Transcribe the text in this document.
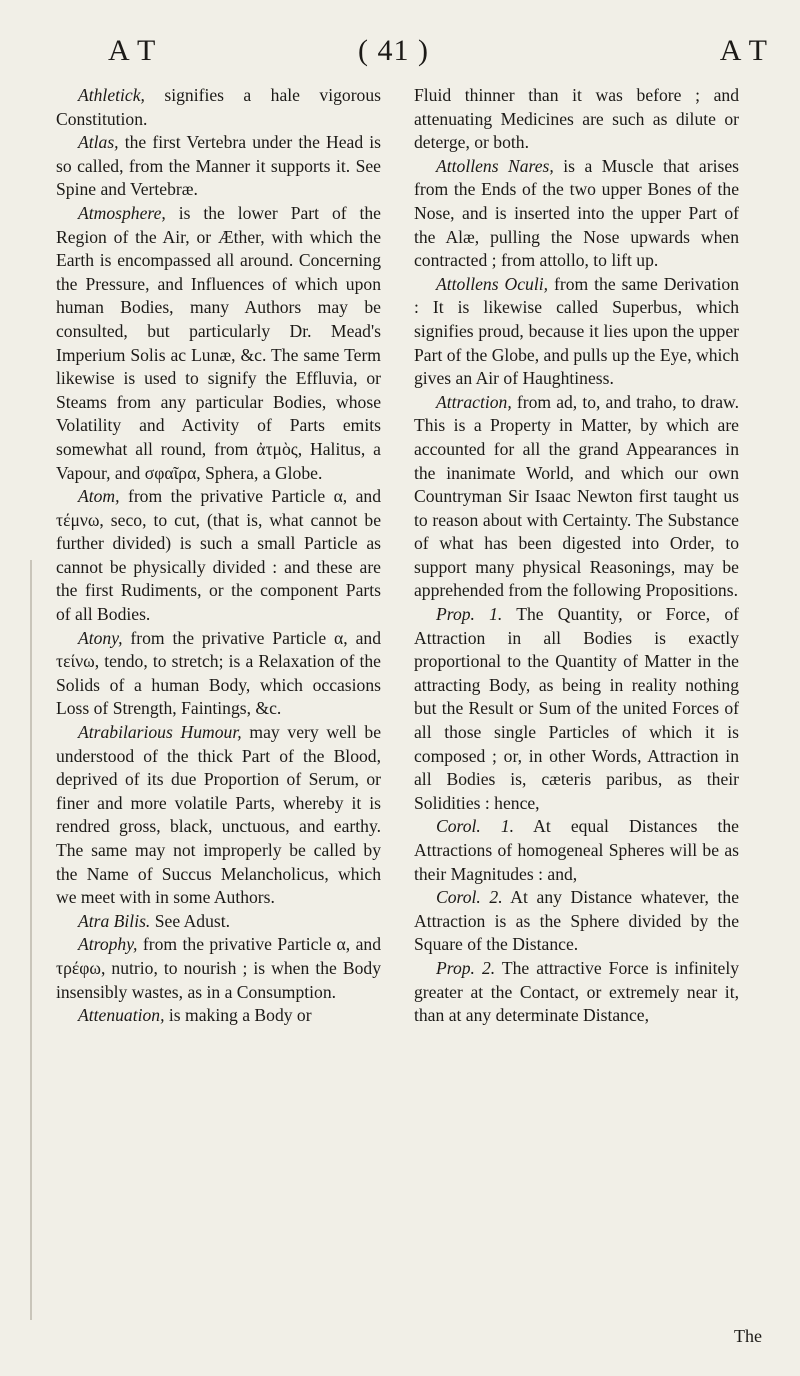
A T	( 41 )	A T

Athletick, signifies a hale vigorous Constitution.

Atlas, the first Vertebra under the Head is so called, from the Manner it supports it. See Spine and Vertebræ.

Atmosphere, is the lower Part of the Region of the Air, or Æther, with which the Earth is encompassed all around. Concerning the Pressure, and Influences of which upon human Bodies, many Authors may be consulted, but particularly Dr. Mead's Imperium Solis ac Lunæ, &c. The same Term likewise is used to signify the Effluvia, or Steams from any particular Bodies, whose Volatility and Activity of Parts emits somewhat all round, from ἀτμὸς, Halitus, a Vapour, and σφαῖρα, Sphera, a Globe.

Atom, from the privative Particle α, and τέμνω, seco, to cut, (that is, what cannot be further divided) is such a small Particle as cannot be physically divided : and these are the first Rudiments, or the component Parts of all Bodies.

Atony, from the privative Particle α, and τείνω, tendo, to stretch; is a Relaxation of the Solids of a human Body, which occasions Loss of Strength, Faintings, &c.

Atrabilarious Humour, may very well be understood of the thick Part of the Blood, deprived of its due Proportion of Serum, or finer and more volatile Parts, whereby it is rendred gross, black, unctuous, and earthy. The same may not improperly be called by the Name of Succus Melancholicus, which we meet with in some Authors.

Atra Bilis. See Adust.

Atrophy, from the privative Particle α, and τρέφω, nutrio, to nourish ; is when the Body insensibly wastes, as in a Consumption.

Attenuation, is making a Body or

Fluid thinner than it was before ; and attenuating Medicines are such as dilute or deterge, or both.

Attollens Nares, is a Muscle that arises from the Ends of the two upper Bones of the Nose, and is inserted into the upper Part of the Alæ, pulling the Nose upwards when contracted ; from attollo, to lift up.

Attollens Oculi, from the same Derivation : It is likewise called Superbus, which signifies proud, because it lies upon the upper Part of the Globe, and pulls up the Eye, which gives an Air of Haughtiness.

Attraction, from ad, to, and traho, to draw. This is a Property in Matter, by which are accounted for all the grand Appearances in the inanimate World, and which our own Countryman Sir Isaac Newton first taught us to reason about with Certainty. The Substance of what has been digested into Order, to support many physical Reasonings, may be apprehended from the following Propositions.

Prop. 1. The Quantity, or Force, of Attraction in all Bodies is exactly proportional to the Quantity of Matter in the attracting Body, as being in reality nothing but the Result or Sum of the united Forces of all those single Particles of which it is composed ; or, in other Words, Attraction in all Bodies is, cæteris paribus, as their Solidities : hence,

Corol. 1. At equal Distances the Attractions of homogeneal Spheres will be as their Magnitudes : and,

Corol. 2. At any Distance whatever, the Attraction is as the Sphere divided by the Square of the Distance.

Prop. 2. The attractive Force is infinitely greater at the Contact, or extremely near it, than at any determinate Distance,

The
